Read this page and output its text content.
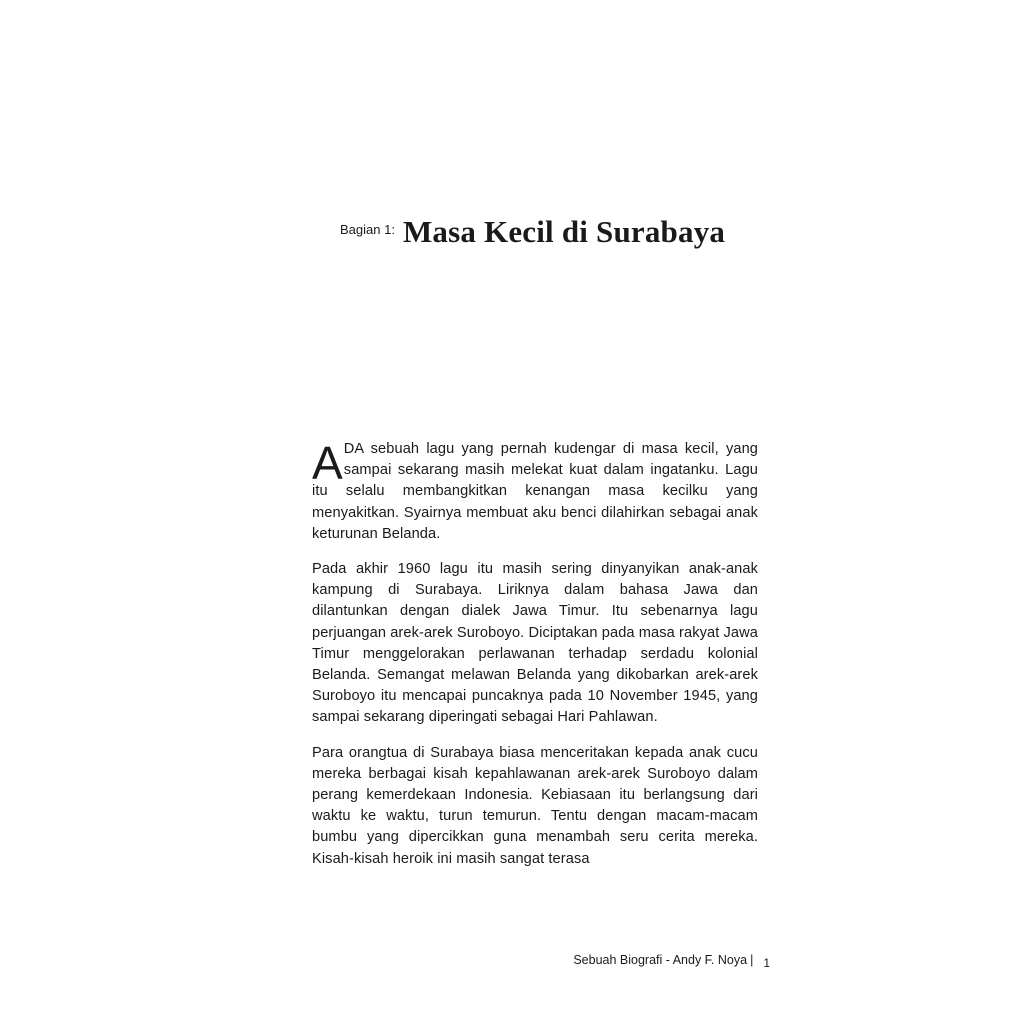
$^{Bagian 1:}$ Masa Kecil di Surabaya

ADA sebuah lagu yang pernah kudengar di masa kecil, yang sampai sekarang masih melekat kuat dalam ingatanku. Lagu itu selalu membangkitkan kenangan masa kecilku yang menyakitkan. Syairnya membuat aku benci dilahirkan sebagai anak keturunan Belanda.

Pada akhir 1960 lagu itu masih sering dinyanyikan anak-anak kampung di Surabaya. Liriknya dalam bahasa Jawa dan dilantunkan dengan dialek Jawa Timur. Itu sebenarnya lagu perjuangan arek-arek Suroboyo. Diciptakan pada masa rakyat Jawa Timur menggelorakan perlawanan terhadap serdadu kolonial Belanda. Semangat melawan Belanda yang dikobarkan arek-arek Suroboyo itu mencapai puncaknya pada 10 November 1945, yang sampai sekarang diperingati sebagai Hari Pahlawan.

Para orangtua di Surabaya biasa menceritakan kepada anak cucu mereka berbagai kisah kepahlawanan arek-arek Suroboyo dalam perang kemerdekaan Indonesia. Kebiasaan itu berlangsung dari waktu ke waktu, turun temurun. Tentu dengan macam-macam bumbu yang dipercikkan guna menambah seru cerita mereka. Kisah-kisah heroik ini masih sangat terasa

Sebuah Biografi - Andy F. Noya | 1
